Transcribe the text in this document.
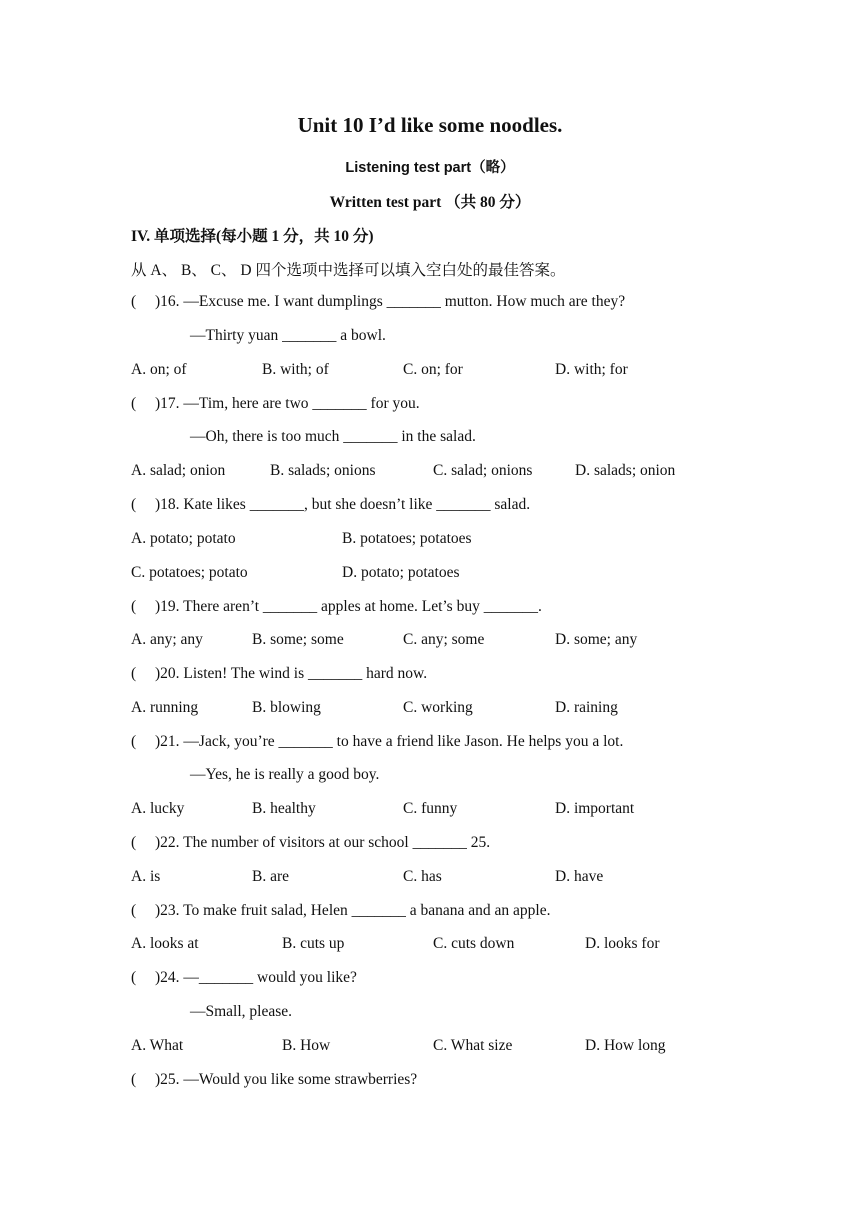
Unit 10 I’d like some noodles.
Listening test part（略）
Written test part （共 80 分）
IV. 单项选择(每小题 1 分，共 10 分)
从 A、 B、 C、 D 四个选项中选择可以填入空白处的最佳答案。
( )16. —Excuse me. I want dumplings _______ mutton. How much are they?
—Thirty yuan _______ a bowl.
A. on; of	B. with; of	C. on; for	D. with; for
( )17. —Tim, here are two _______ for you.
—Oh, there is too much _______ in the salad.
A. salad; onion	B. salads; onions	C. salad; onions	D. salads; onion
( )18. Kate likes _______, but she doesn’t like _______ salad.
A. potato; potato	B. potatoes; potatoes
C. potatoes; potato	D. potato; potatoes
( )19. There aren’t _______ apples at home. Let’s buy _______.
A. any; any	B. some; some	C. any; some	D. some; any
( )20. Listen! The wind is _______ hard now.
A. running	B. blowing	C. working	D. raining
( )21. —Jack, you’re _______ to have a friend like Jason. He helps you a lot.
—Yes, he is really a good boy.
A. lucky	B. healthy	C. funny	D. important
( )22. The number of visitors at our school _______ 25.
A. is	B. are	C. has	D. have
( )23. To make fruit salad, Helen _______ a banana and an apple.
A. looks at	B. cuts up	C. cuts down	D. looks for
( )24. —_______ would you like?
—Small, please.
A. What	B. How	C. What size	D. How long
( )25. —Would you like some strawberries?
